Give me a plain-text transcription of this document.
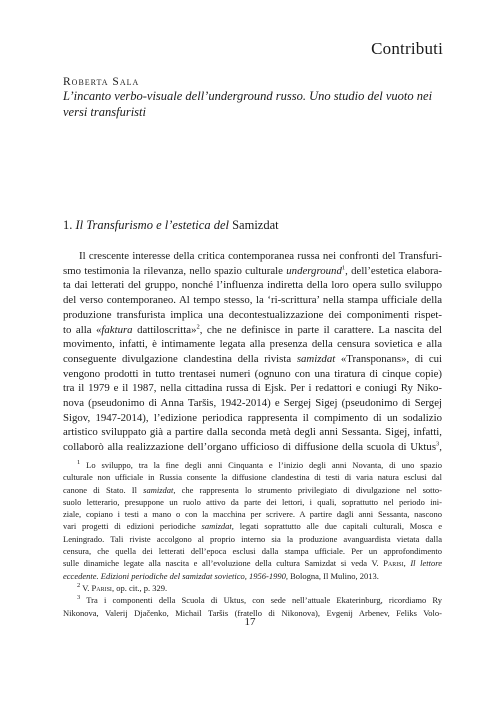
Contributi
Roberta Sala
L’incanto verbo-visuale dell’underground russo. Uno studio del vuoto nei versi transfuristi
1. Il Transfurismo e l’estetica del Samizdat
Il crescente interesse della critica contemporanea russa nei confronti del Transfuri-
smo testimonia la rilevanza, nello spazio culturale underground$^1$, dell’estetica elabora-
ta dai letterati del gruppo, nonché l’influenza indiretta della loro opera sullo sviluppo
del verso contemporaneo. Al tempo stesso, la ‘ri-scrittura’ nella stampa ufficiale della
produzione transfurista implica una decontestualizzazione dei componimenti rispet-
to alla «faktura dattiloscritta»$^2$, che ne definisce in parte il carattere. La nascita del
movimento, infatti, è intimamente legata alla presenza della censura sovietica e alla
conseguente divulgazione clandestina della rivista samizdat «Transponans», di cui
vengono prodotti in tutto trentasei numeri (ognuno con una tiratura di cinque copie)
tra il 1979 e il 1987, nella cittadina russa di Ejsk. Per i redattori e coniugi Ry Niko-
nova (pseudonimo di Anna Taršis, 1942-2014) e Sergej Sigej (pseudonimo di Sergej
Sigov, 1947-2014), l’edizione periodica rappresenta il compimento di un sodalizio
artistico sviluppato già a partire dalla seconda metà degli anni Sessanta. Sigej, infatti,
collaborò alla realizzazione dell’organo ufficioso di diffusione della scuola di Uktus$^3$,
$^1$ Lo sviluppo, tra la fine degli anni Cinquanta e l’inizio degli anni Novanta, di uno spazio
culturale non ufficiale in Russia consente la diffusione clandestina di testi di varia natura esclusi dal
canone di Stato. Il samizdat, che rappresenta lo strumento privilegiato di divulgazione nel sotto-
suolo letterario, presuppone un ruolo attivo da parte dei lettori, i quali, soprattutto nel periodo ini-
ziale, copiano i testi a mano o con la macchina per scrivere. A partire dagli anni Sessanta, nascono
vari progetti di edizioni periodiche samizdat, legati soprattutto alle due capitali culturali, Mosca e
Leningrado. Tali riviste accolgono al proprio interno sia la produzione avanguardista vietata dalla
censura, che quella dei letterati dell’epoca esclusi dalla stampa ufficiale. Per un approfondimento
sulle dinamiche legate alla nascita e all’evoluzione della cultura Samizdat si veda V. Parisi, Il lettore
eccedente. Edizioni periodiche del samizdat sovietico, 1956-1990, Bologna, Il Mulino, 2013.
$^2$ V. Parisi, op. cit., p. 329.
$^3$ Tra i componenti della Scuola di Uktus, con sede nell’attuale Ekaterinburg, ricordiamo Ry
Nikonova, Valerij Djačenko, Michail Taršis (fratello di Nikonova), Evgenij Arbenev, Feliks Volo-
17
